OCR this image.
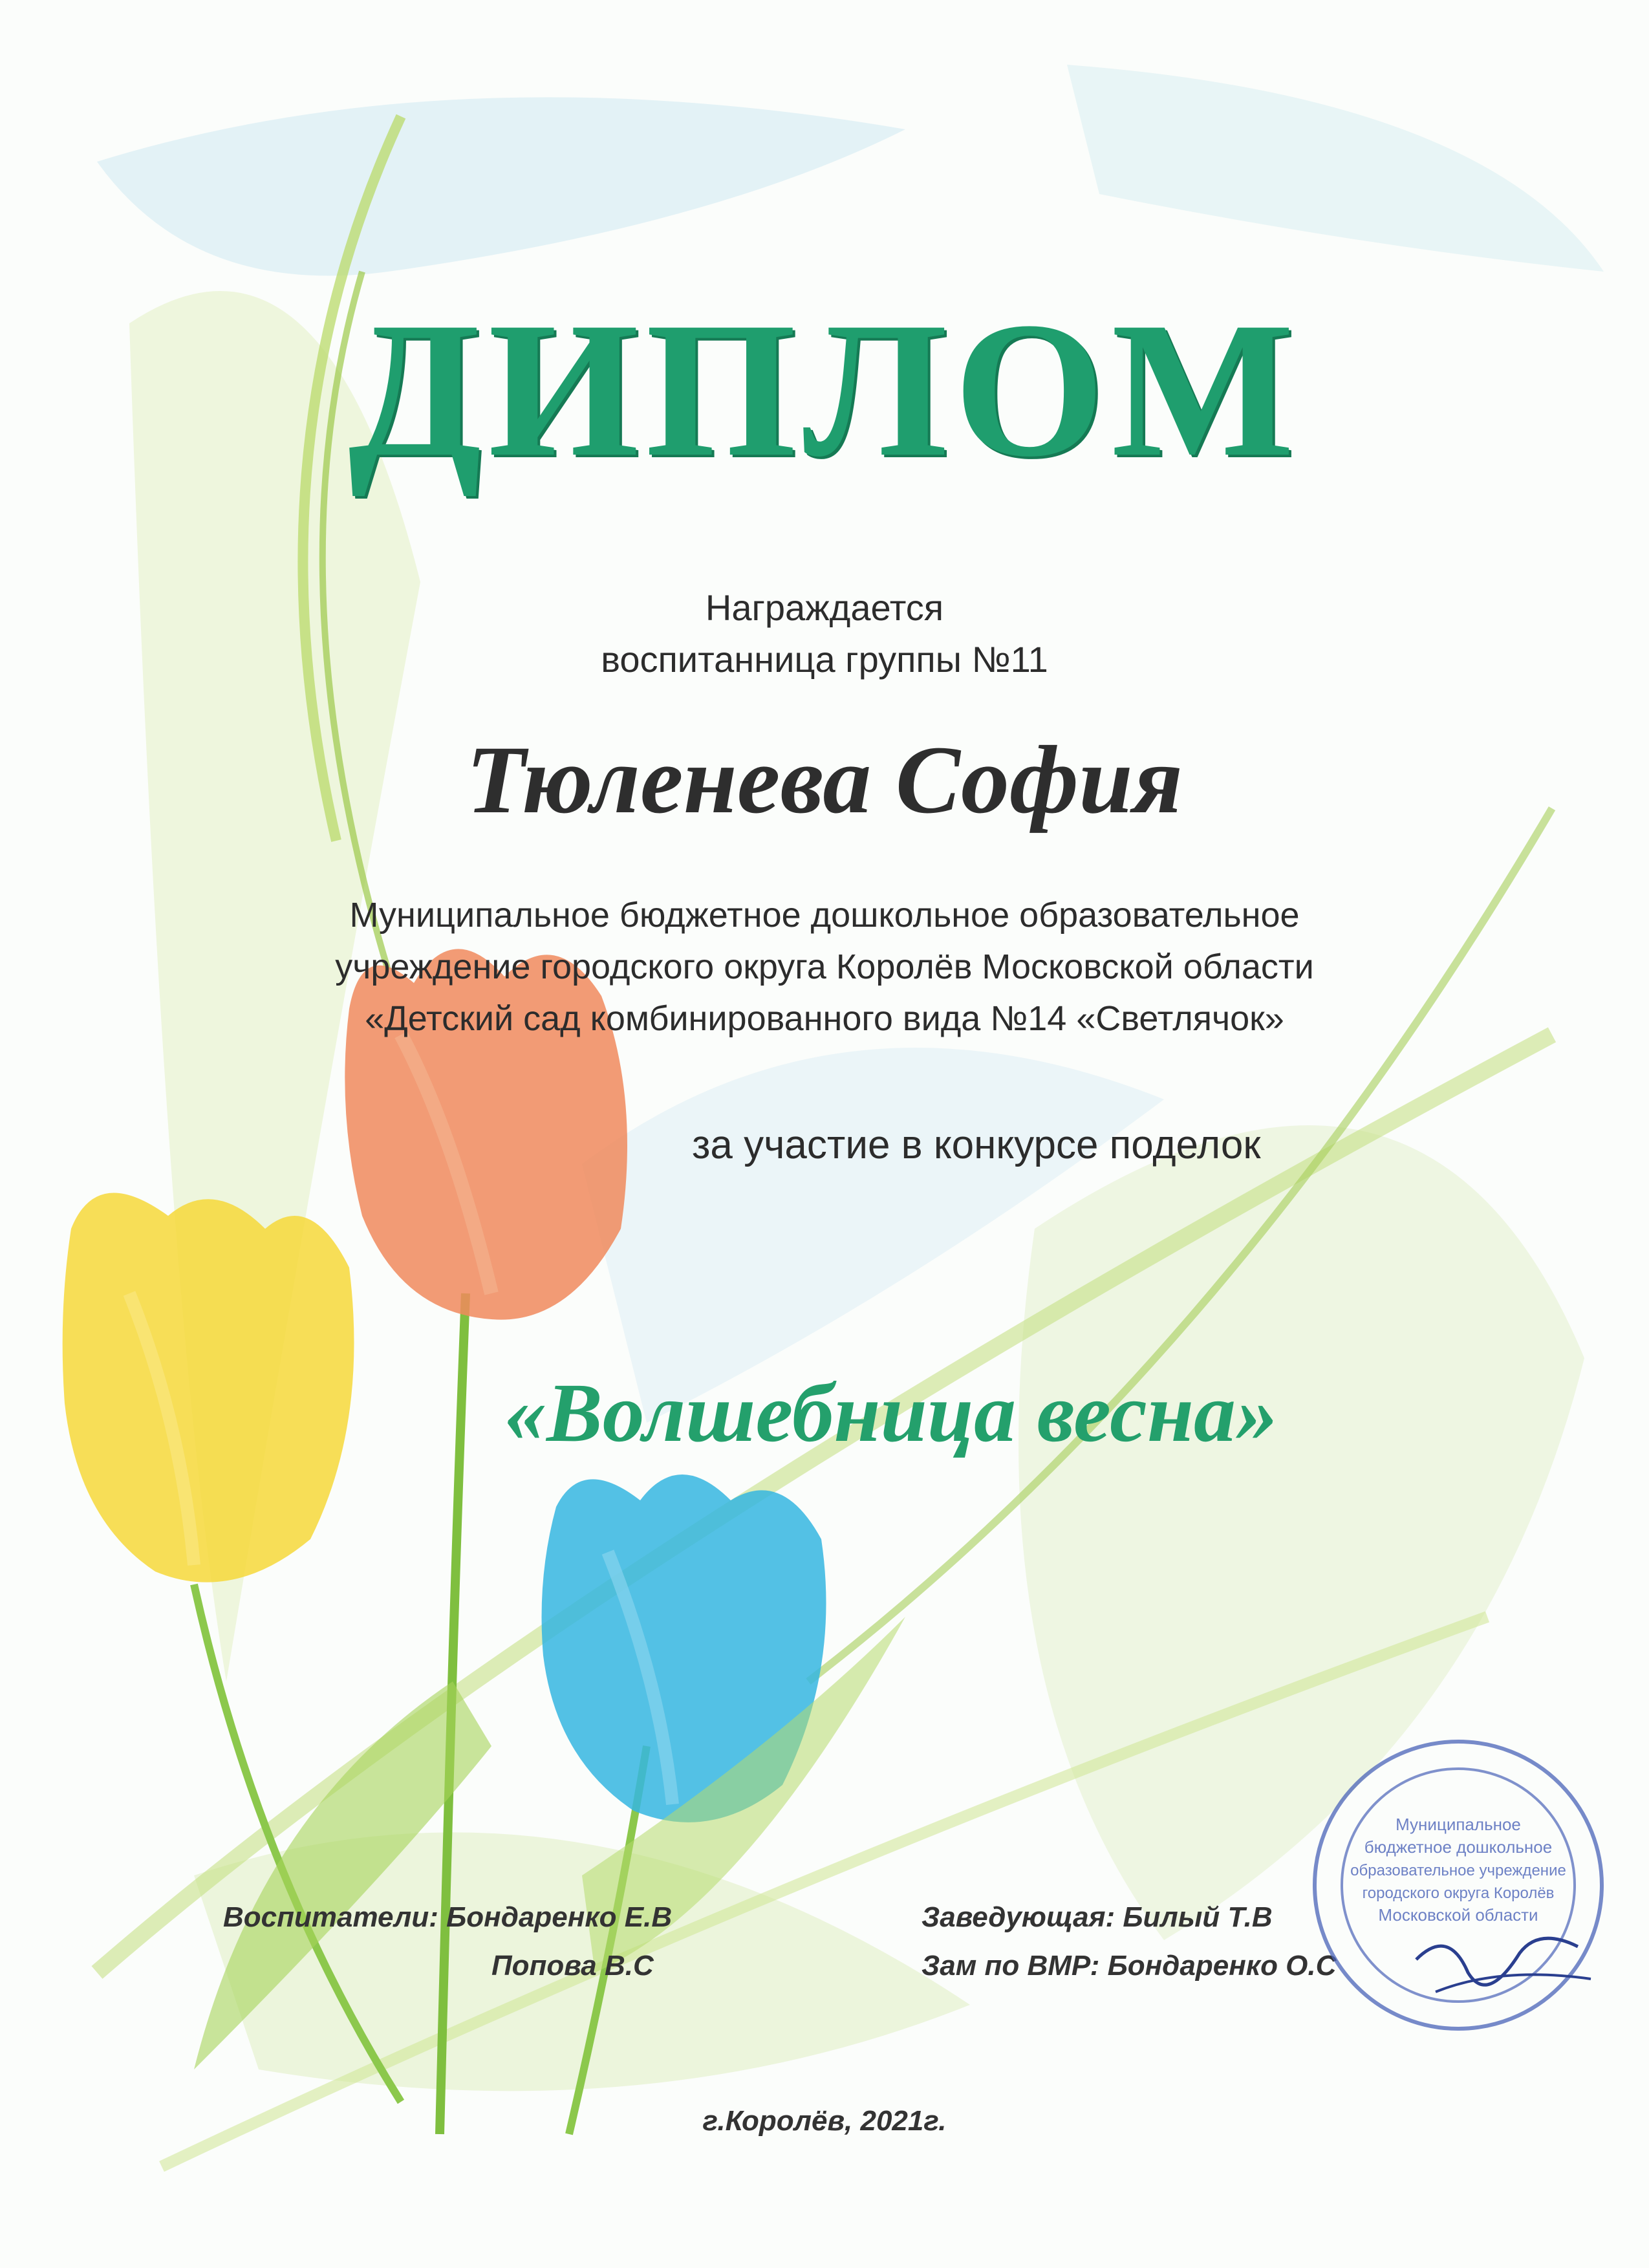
ДИПЛОМ
Награждается
воспитанница группы №11
Тюленева София
Муниципальное бюджетное дошкольное образовательное
учреждение городского округа Королёв Московской области
«Детский сад комбинированного вида №14 «Светлячок»
за участие в конкурсе поделок
«Волшебница весна»
Воспитатели: Бондаренко Е.В
Попова В.С
Заведующая: Билый Т.В
Зам по ВМР: Бондаренко О.С
Муниципальное
бюджетное дошкольное
образовательное учреждение
городского округа Королёв
Московской области
г.Королёв, 2021г.
